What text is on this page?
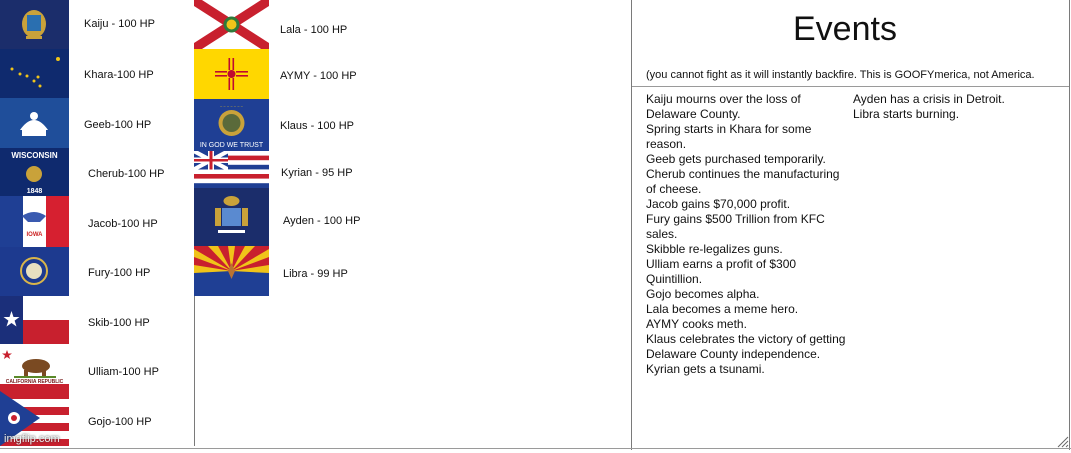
WISCONSIN
1848
IOWA
CALIFORNIA REPUBLIC
Kaiju - 100 HP
Khara-100 HP
Geeb-100 HP
Cherub-100 HP
Jacob-100 HP
Fury-100 HP
Skib-100 HP
Ulliam-100 HP
Gojo-100 HP
~ ~ ~ ~ ~ ~ ~
IN GOD WE TRUST
Lala - 100 HP
AYMY - 100 HP
Klaus - 100 HP
Kyrian - 95 HP
Ayden - 100 HP
Libra - 99 HP
Events
(you cannot fight as it will instantly backfire. This is GOOFYmerica, not America.
Kaiju mourns over the loss of
Delaware County.
Spring starts in Khara for some
reason.
Geeb gets purchased temporarily.
Cherub continues the manufacturing
of cheese.
Jacob gains $70,000 profit.
Fury gains $500 Trillion from KFC
sales.
Skibble re-legalizes guns.
Ulliam earns a profit of $300
Quintillion.
Gojo becomes alpha.
Lala becomes a meme hero.
AYMY cooks meth.
Klaus celebrates the victory of getting
Delaware County independence.
Kyrian gets a tsunami.
Ayden has a crisis in Detroit.
Libra starts burning.
imgflip.com
